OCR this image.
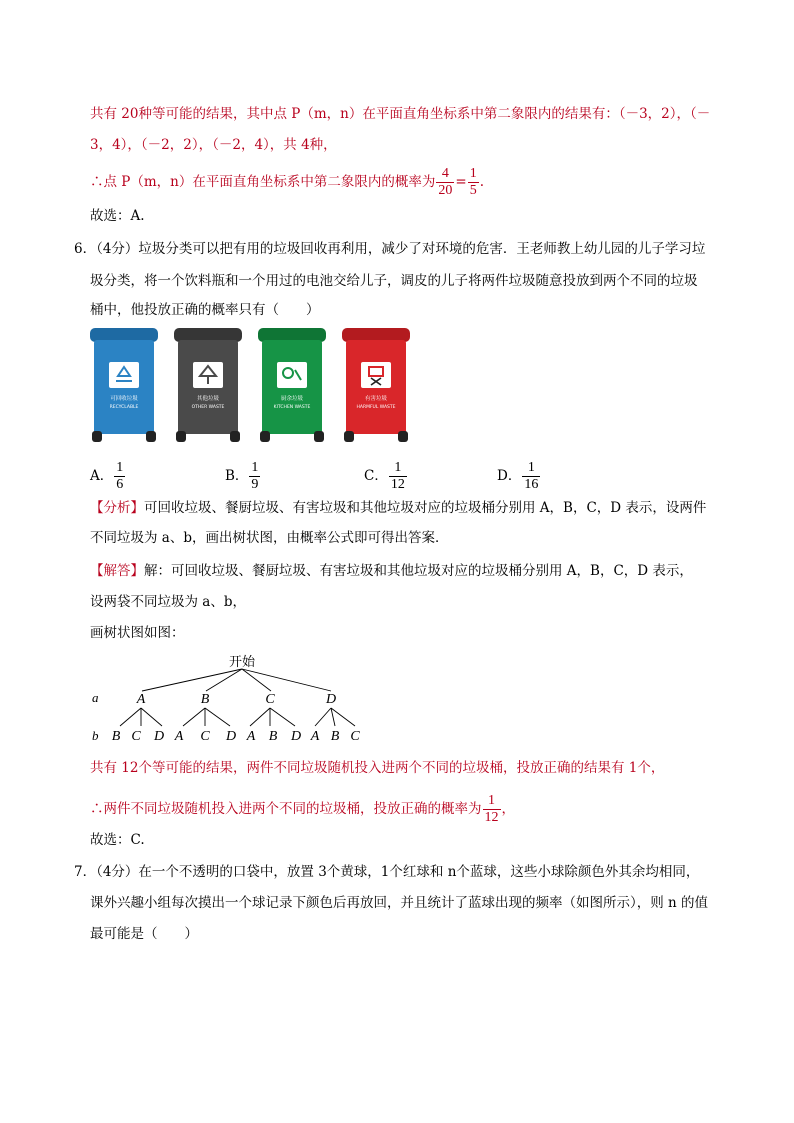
共有 20种等可能的结果，其中点 P（m，n）在平面直角坐标系中第二象限内的结果有：（－3，2），（－
3，4），（－2，2），（－2，4），共 4种，
∴点 P（m，n）在平面直角坐标系中第二象限内的概率为 $\frac{4}{20} = \frac{1}{5}$ .
故选：A.
6．（4分）垃圾分类可以把有用的垃圾回收再利用，减少了对环境的危害．王老师教上幼儿园的儿子学习垃
圾分类，将一个饮料瓶和一个用过的电池交给儿子，调皮的儿子将两件垃圾随意投放到两个不同的垃圾
桶中，他投放正确的概率只有（　　）
可回收垃圾
RECYCLABLE
其他垃圾
OTHER WASTE
厨余垃圾
KITCHEN WASTE
有害垃圾
HARMFUL WASTE
A． $\frac{1}{6}$	B． $\frac{1}{9}$	C． $\frac{1}{12}$	D． $\frac{1}{16}$
【分析】可回收垃圾、餐厨垃圾、有害垃圾和其他垃圾对应的垃圾桶分别用 A，B，C，D 表示，设两件
不同垃圾为 a、b，画出树状图，由概率公式即可得出答案．
【解答】解：可回收垃圾、餐厨垃圾、有害垃圾和其他垃圾对应的垃圾桶分别用 A，B，C，D 表示，
设两袋不同垃圾为 a、b，
画树状图如图：
开始
a	A	B	C	D
b B C D A C D A B D A B C
共有 12个等可能的结果，两件不同垃圾随机投入进两个不同的垃圾桶，投放正确的结果有 1个，
∴两件不同垃圾随机投入进两个不同的垃圾桶，投放正确的概率为 $\frac{1}{12}$ ，
故选：C.
7．（4分）在一个不透明的口袋中，放置 3个黄球，1个红球和 n个蓝球，这些小球除颜色外其余均相同，
课外兴趣小组每次摸出一个球记录下颜色后再放回，并且统计了蓝球出现的频率（如图所示），则 n 的值
最可能是（　　）
